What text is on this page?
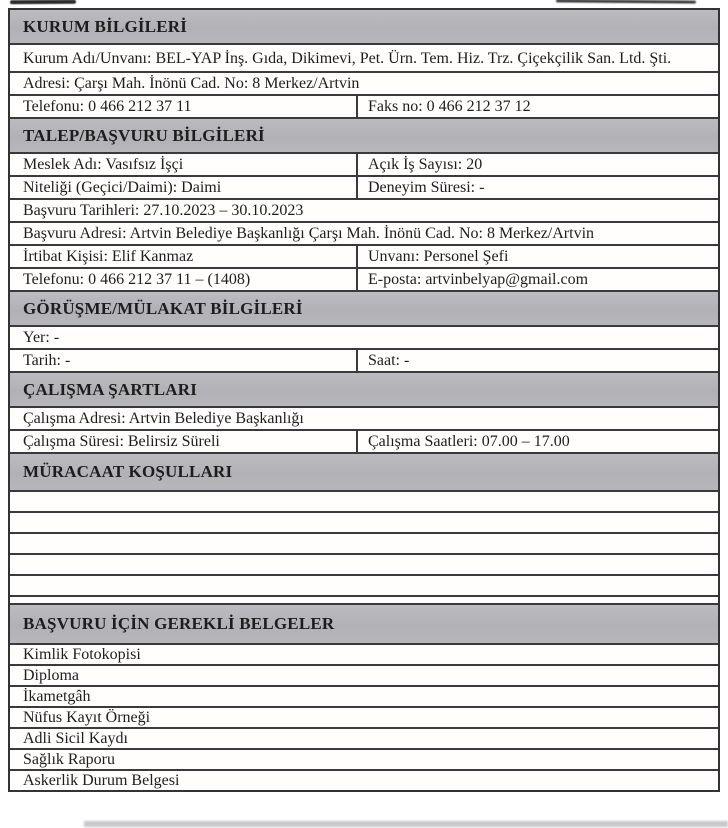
KURUM BİLGİLERİ
Kurum Adı/Unvanı: BEL-YAP İnş. Gıda, Dikimevi, Pet. Ürn. Tem. Hiz. Trz. Çiçekçilik San. Ltd. Şti.
Adresi: Çarşı Mah. İnönü Cad. No: 8 Merkez/Artvin
Telefonu: 0 466 212 37 11	Faks no: 0 466 212 37 12
TALEP/BAŞVURU BİLGİLERİ
Meslek Adı: Vasıfsız İşçi	Açık İş Sayısı: 20
Niteliği (Geçici/Daimi): Daimi	Deneyim Süresi: -
Başvuru Tarihleri: 27.10.2023 – 30.10.2023
Başvuru Adresi: Artvin Belediye Başkanlığı Çarşı Mah. İnönü Cad. No: 8 Merkez/Artvin
İrtibat Kişisi: Elif Kanmaz	Unvanı: Personel Şefi
Telefonu: 0 466 212 37 11 – (1408)	E-posta: artvinbelyap@gmail.com
GÖRÜŞME/MÜLAKAT BİLGİLERİ
Yer: -
Tarih: -	Saat: -
ÇALIŞMA ŞARTLARI
Çalışma Adresi: Artvin Belediye Başkanlığı
Çalışma Süresi: Belirsiz Süreli	Çalışma Saatleri: 07.00 – 17.00
MÜRACAAT KOŞULLARI
BAŞVURU İÇİN GEREKLİ BELGELER
Kimlik Fotokopisi
Diploma
İkametgâh
Nüfus Kayıt Örneği
Adli Sicil Kaydı
Sağlık Raporu
Askerlik Durum Belgesi
